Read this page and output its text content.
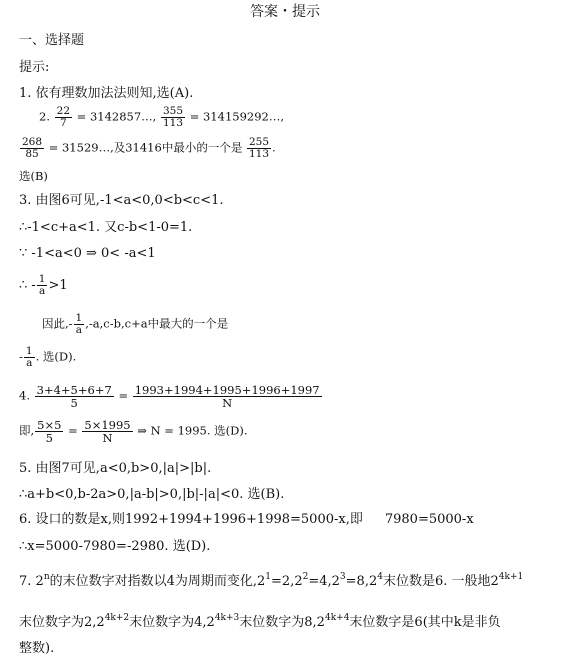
答案・提示
一、选择题
提示:
1. 依有理数加法法则知,选(A).
2. $\frac{22}{7}$ = 3142857…, $\frac{355}{113}$ = 314159292…,
$\frac{268}{85}$ = 31529…,及31416中最小的一个是 $\frac{255}{113}$ .
选(B)
3. 由图6可见,-1<a<0,0<b<c<1.
∴-1<c+a<1. 又c-b<1-0=1.
∵ -1<a<0 ⇒ 0< -a<1
∴ - $\frac{1}{a} >1$
因此,- $\frac{1}{a} ,-a,c-b,c+a$中最大的一个是
- $\frac{1}{a}$ . 选(D).
4. $\frac{3+4+5+6+7}{5} = \frac{1993+1994+1995+1996+1997}{N}$
即, $\frac{5\times 5}{5} = \frac{5\times 1995}{N}$ ⇒ N = 1995. 选(D).
5. 由图7可见,a<0,b>0,|a|>|b|.
∴a+b<0,b-2a>0,|a-b|>0,|b|-|a|<0. 选(B).
6. 设口的数是x,则1992+1994+1996+1998=5000-x,即 7980=5000-x
∴x=5000-7980=-2980. 选(D).
7. 2$^n$的末位数字对指数以4为周期而变化$,2^1=2,2^2=4,2^3=8,2^4$末位数是6. 一般地$2^{4k+1}$
末位数字为$2,2^{4k+2}$末位数字为$4,2^{4k+3}$末位数字为$8,2^{4k+4}$末位数字是6(其中k是非负
整数).
